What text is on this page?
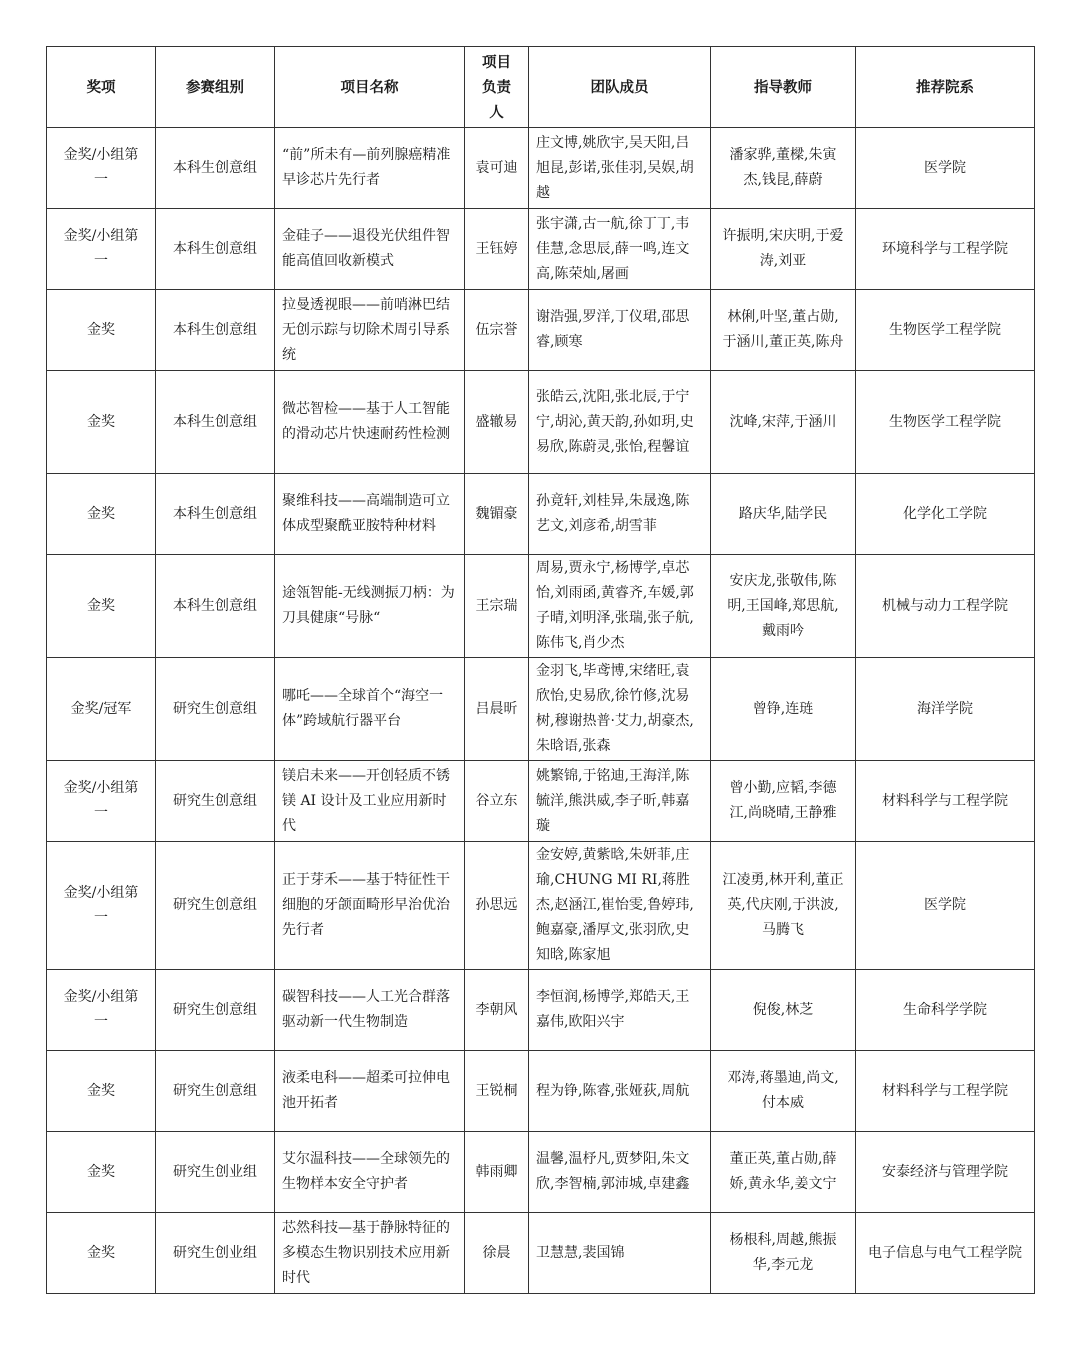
奖项	参赛组别	项目名称	项目负责人	团队成员	指导教师	推荐院系
金奖/小组第一	本科生创意组	“前”所未有—前列腺癌精准早诊芯片先行者	袁可迪	庄文博,姚欣宇,吴天阳,吕旭昆,彭诺,张佳羽,吴娱,胡越	潘家骅,董樑,朱寅杰,钱昆,薛蔚	医学院
金奖/小组第一	本科生创意组	金硅子——退役光伏组件智能高值回收新模式	王钰婷	张宇潇,古一航,徐丁丁,韦佳慧,念思辰,薛一鸣,连文高,陈荣灿,屠画	许振明,宋庆明,于爱涛,刘亚	环境科学与工程学院
金奖	本科生创意组	拉曼透视眼——前哨淋巴结无创示踪与切除术周引导系统	伍宗誉	谢浩强,罗洋,丁仪珺,邵思睿,顾寒	林俐,叶坚,董占勋,于涵川,董正英,陈舟	生物医学工程学院
金奖	本科生创意组	微芯智检——基于人工智能的滑动芯片快速耐药性检测	盛辙易	张皓云,沈阳,张北辰,于宁宁,胡沁,黄天韵,孙如玥,史易欣,陈蔚灵,张怡,程馨谊	沈峰,宋萍,于涵川	生物医学工程学院
金奖	本科生创意组	聚维科技——高端制造可立体成型聚酰亚胺特种材料	魏镅豪	孙竟轩,刘桂异,朱晟逸,陈艺文,刘彦希,胡雪菲	路庆华,陆学民	化学化工学院
金奖	本科生创意组	途瓴智能-无线测振刀柄：为刀具健康“号脉“	王宗瑞	周易,贾永宁,杨博学,卓芯怡,刘雨函,黄睿齐,车媛,郭子晴,刘明泽,张瑞,张子航,陈伟飞,肖少杰	安庆龙,张敬伟,陈明,王国峰,郑思航,戴雨吟	机械与动力工程学院
金奖/冠军	研究生创意组	哪吒——全球首个“海空一体”跨域航行器平台	吕晨昕	金羽飞,毕鸢博,宋绪旺,袁欣怡,史易欣,徐竹修,沈易树,穆谢热普·艾力,胡豪杰,朱晗语,张森	曾铮,连琏	海洋学院
金奖/小组第一	研究生创意组	镁启未来——开创轻质不锈镁 AI 设计及工业应用新时代	谷立东	姚繁锦,于铭迪,王海洋,陈毓洋,熊洪威,李子昕,韩嘉璇	曾小勤,应韬,李德江,尚晓晴,王静雅	材料科学与工程学院
金奖/小组第一	研究生创意组	正于芽禾——基于特征性干细胞的牙颌面畸形早治优治先行者	孙思远	金安婷,黄紫晗,朱妍菲,庄瑜,CHUNG MI RI,蒋胜杰,赵涵江,崔怡雯,鲁婷玮,鲍嘉豪,潘厚文,张羽欣,史知晗,陈家旭	江凌勇,林开利,董正英,代庆刚,于洪波,马腾飞	医学院
金奖/小组第一	研究生创意组	碳智科技——人工光合群落驱动新一代生物制造	李朝风	李恒润,杨博学,郑皓天,王嘉伟,欧阳兴宇	倪俊,林芝	生命科学学院
金奖	研究生创意组	液柔电科——超柔可拉伸电池开拓者	王锐桐	程为铮,陈睿,张娅荻,周航	邓涛,蒋墨迪,尚文,付本威	材料科学与工程学院
金奖	研究生创业组	艾尔温科技——全球领先的生物样本安全守护者	韩雨卿	温馨,温杼凡,贾梦阳,朱文欣,李智楠,郭沛城,卓建鑫	董正英,董占勋,薛娇,黄永华,姜文宁	安泰经济与管理学院
金奖	研究生创业组	芯然科技—基于静脉特征的多模态生物识别技术应用新时代	徐晨	卫慧慧,裴国锦	杨根科,周越,熊振华,李元龙	电子信息与电气工程学院
